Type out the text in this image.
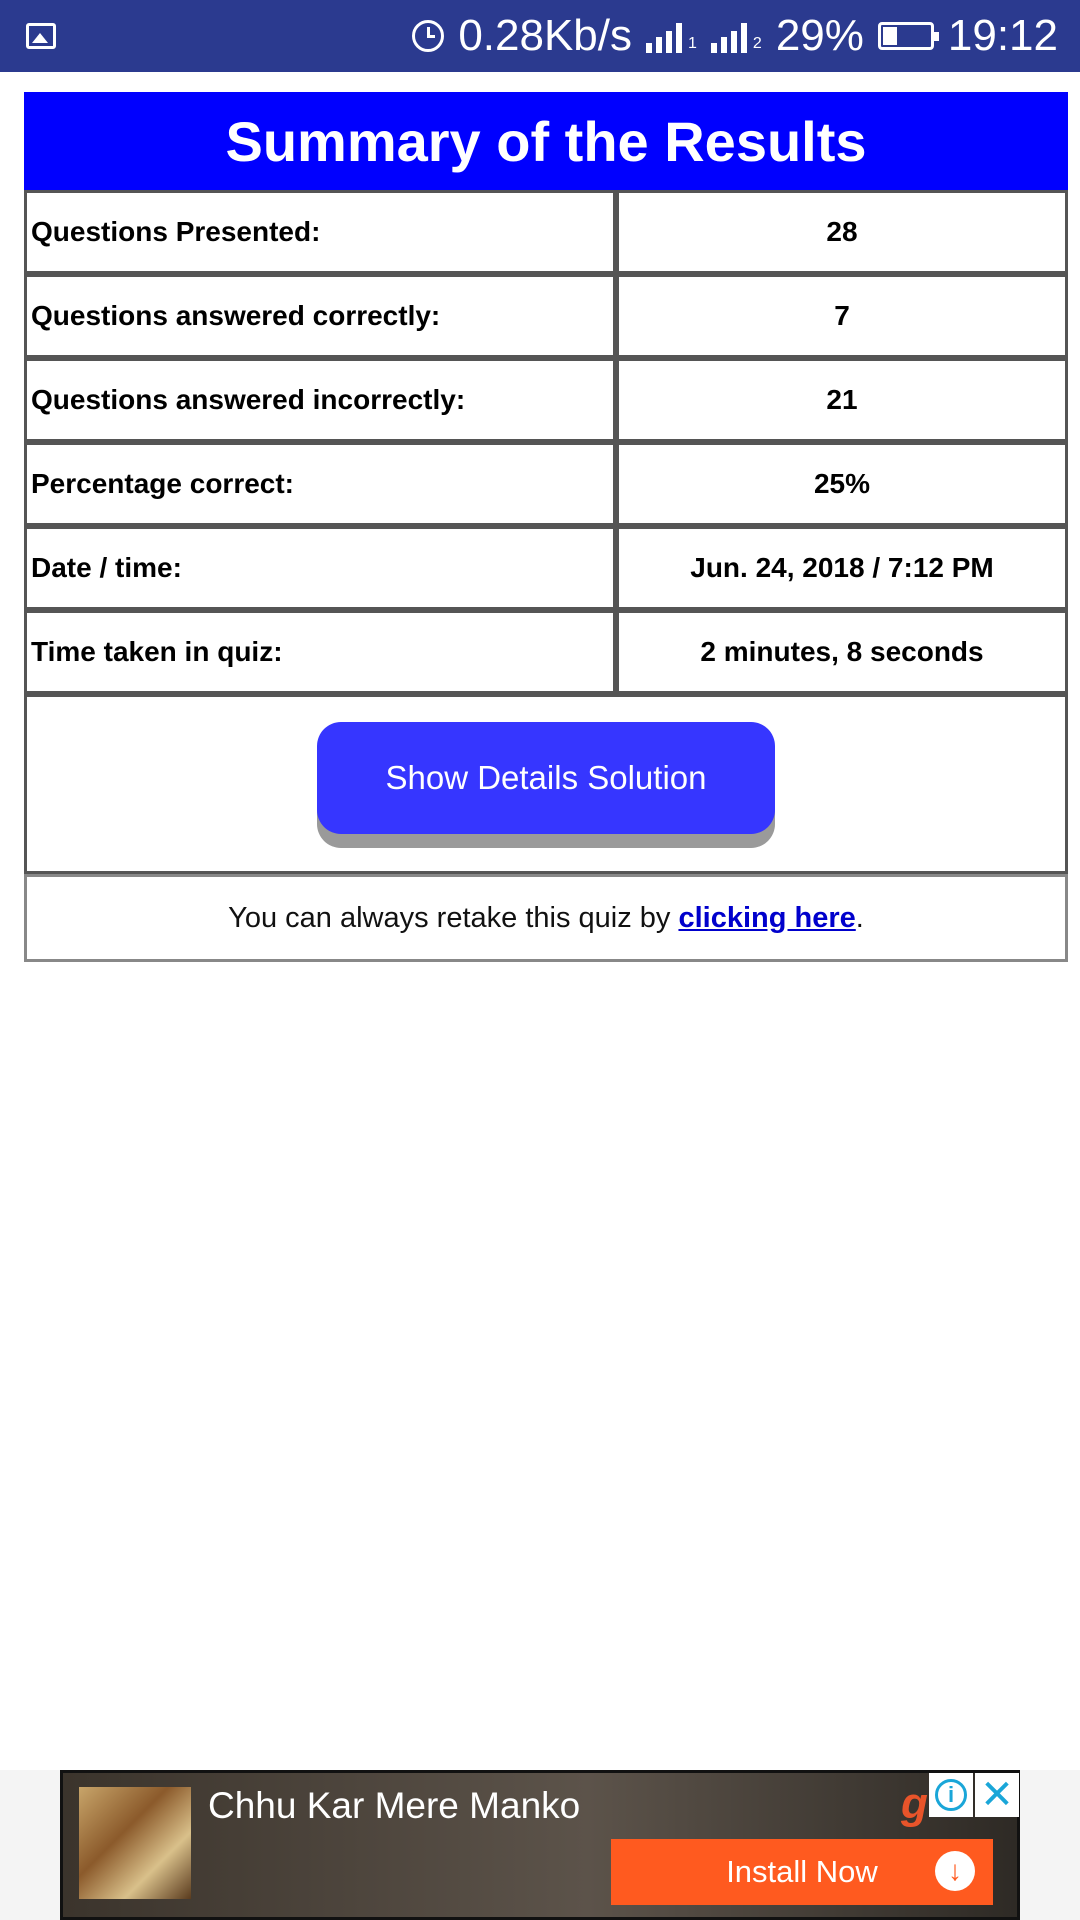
0.28Kb/s	1	2 29% 19:12
Summary of the Results	
Questions Presented:	28
Questions answered correctly:	7
Questions answered incorrectly:	21
Percentage correct:	25%
Date / time:	Jun. 24, 2018 / 7:12 PM
Time taken in quiz:	2 minutes, 8 seconds
Show Details Solution	
You can always retake this quiz by clicking here.	
Chhu Kar Mere Manko	g i ✕
Install Now	↓
